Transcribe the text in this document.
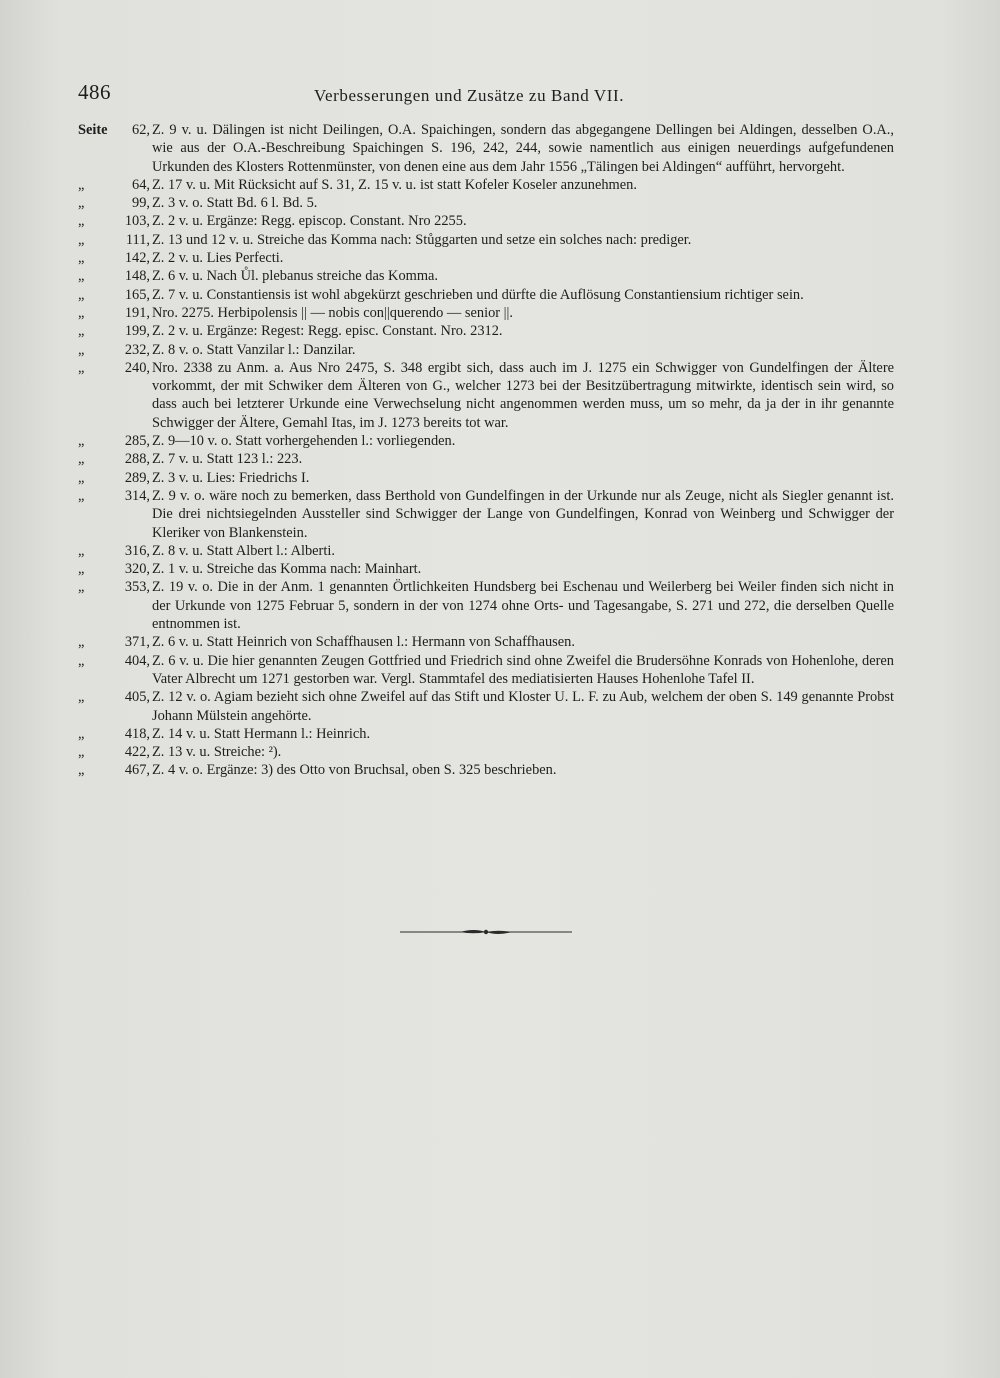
486	Verbesserungen und Zusätze zu Band VII.
Seite	62, Z. 9 v. u. Dälingen ist nicht Deilingen, O.A. Spaichingen, sondern das abgegangene Dellingen bei Aldingen, desselben O.A., wie aus der O.A.-Beschreibung Spaichingen S. 196, 242, 244, sowie namentlich aus einigen neuerdings aufgefundenen Urkunden des Klosters Rottenmünster, von denen eine aus dem Jahr 1556 „Tälingen bei Aldingen“ aufführt, hervorgeht.
„	64, Z. 17 v. u. Mit Rücksicht auf S. 31, Z. 15 v. u. ist statt Kofeler Koseler anzunehmen.
„	99, Z. 3 v. o. Statt Bd. 6 l. Bd. 5.
„	103, Z. 2 v. u. Ergänze: Regg. episcop. Constant. Nro 2255.
„	111, Z. 13 und 12 v. u. Streiche das Komma nach: Stůggarten und setze ein solches nach: prediger.
„	142, Z. 2 v. u. Lies Perfecti.
„	148, Z. 6 v. u. Nach Ůl. plebanus streiche das Komma.
„	165, Z. 7 v. u. Constantiensis ist wohl abgekürzt geschrieben und dürfte die Auflösung Constantiensium richtiger sein.
„	191, Nro. 2275. Herbipolensis || — nobis con||querendo — senior ||.
„	199, Z. 2 v. u. Ergänze: Regest: Regg. episc. Constant. Nro. 2312.
„	232, Z. 8 v. o. Statt Vanzilar l.: Danzilar.
„	240, Nro. 2338 zu Anm. a. Aus Nro 2475, S. 348 ergibt sich, dass auch im J. 1275 ein Schwigger von Gundelfingen der Ältere vorkommt, der mit Schwiker dem Älteren von G., welcher 1273 bei der Besitzübertragung mitwirkte, identisch sein wird, so dass auch bei letzterer Urkunde eine Verwechselung nicht angenommen werden muss, um so mehr, da ja der in ihr genannte Schwigger der Ältere, Gemahl Itas, im J. 1273 bereits tot war.
„	285, Z. 9—10 v. o. Statt vorhergehenden l.: vorliegenden.
„	288, Z. 7 v. u. Statt 123 l.: 223.
„	289, Z. 3 v. u. Lies: Friedrichs I.
„	314, Z. 9 v. o. wäre noch zu bemerken, dass Berthold von Gundelfingen in der Urkunde nur als Zeuge, nicht als Siegler genannt ist. Die drei nichtsiegelnden Aussteller sind Schwigger der Lange von Gundelfingen, Konrad von Weinberg und Schwigger der Kleriker von Blankenstein.
„	316, Z. 8 v. u. Statt Albert l.: Alberti.
„	320, Z. 1 v. u. Streiche das Komma nach: Mainhart.
„	353, Z. 19 v. o. Die in der Anm. 1 genannten Örtlichkeiten Hundsberg bei Eschenau und Weilerberg bei Weiler finden sich nicht in der Urkunde von 1275 Februar 5, sondern in der von 1274 ohne Orts- und Tagesangabe, S. 271 und 272, die derselben Quelle entnommen ist.
„	371, Z. 6 v. u. Statt Heinrich von Schaffhausen l.: Hermann von Schaffhausen.
„	404, Z. 6 v. u. Die hier genannten Zeugen Gottfried und Friedrich sind ohne Zweifel die Brudersöhne Konrads von Hohenlohe, deren Vater Albrecht um 1271 gestorben war. Vergl. Stammtafel des mediatisierten Hauses Hohenlohe Tafel II.
„	405, Z. 12 v. o. Agiam bezieht sich ohne Zweifel auf das Stift und Kloster U. L. F. zu Aub, welchem der oben S. 149 genannte Probst Johann Mülstein angehörte.
„	418, Z. 14 v. u. Statt Hermann l.: Heinrich.
„	422, Z. 13 v. u. Streiche: ²).
„	467, Z. 4 v. o. Ergänze: 3) des Otto von Bruchsal, oben S. 325 beschrieben.
